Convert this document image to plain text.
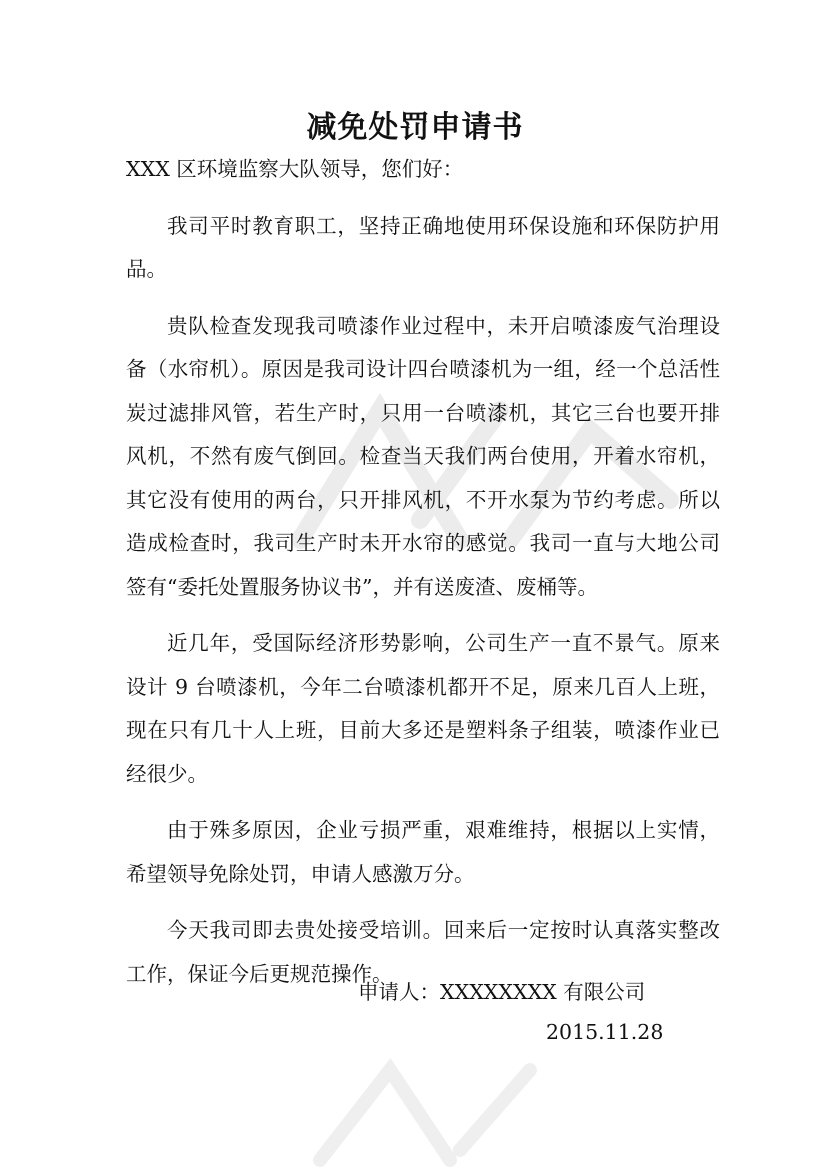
减免处罚申请书

XXX 区环境监察大队领导，您们好：

我司平时教育职工，坚持正确地使用环保设施和环保防护用品。

贵队检查发现我司喷漆作业过程中，未开启喷漆废气治理设备（水帘机）。原因是我司设计四台喷漆机为一组，经一个总活性炭过滤排风管，若生产时，只用一台喷漆机，其它三台也要开排风机，不然有废气倒回。检查当天我们两台使用，开着水帘机，其它没有使用的两台，只开排风机，不开水泵为节约考虑。所以造成检查时，我司生产时未开水帘的感觉。我司一直与大地公司签有“委托处置服务协议书”，并有送废渣、废桶等。

近几年，受国际经济形势影响，公司生产一直不景气。原来设计 9 台喷漆机，今年二台喷漆机都开不足，原来几百人上班，现在只有几十人上班，目前大多还是塑料条子组装，喷漆作业已经很少。

由于殊多原因，企业亏损严重，艰难维持，根据以上实情，希望领导免除处罚，申请人感激万分。

今天我司即去贵处接受培训。回来后一定按时认真落实整改工作，保证今后更规范操作。

申请人：XXXXXXXX 有限公司
2015.11.28
